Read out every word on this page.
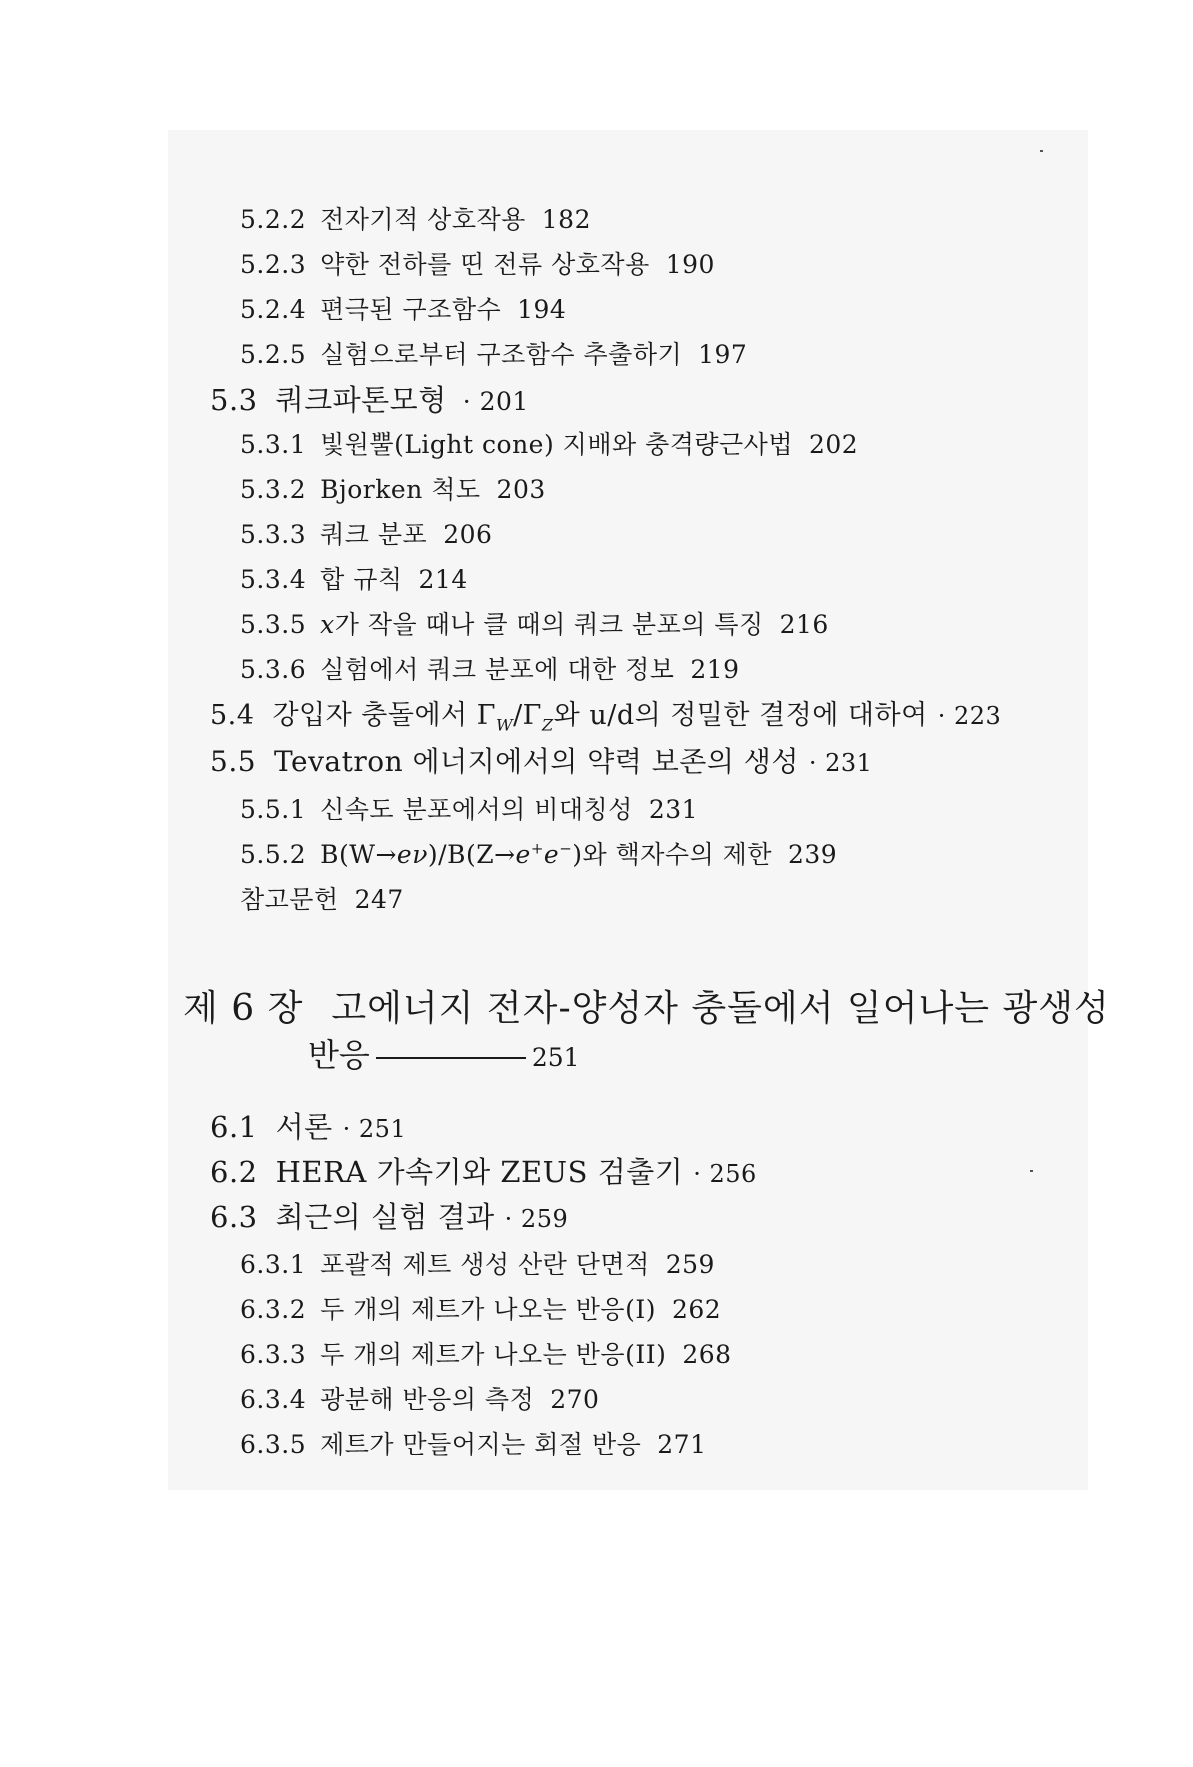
5.2.2 전자기적 상호작용 182
5.2.3 약한 전하를 띤 전류 상호작용 190
5.2.4 편극된 구조함수 194
5.2.5 실험으로부터 구조함수 추출하기 197
5.3 쿼크파톤모형 · 201
5.3.1 빛원뿔(Light cone) 지배와 충격량근사법 202
5.3.2 Bjorken 척도 203
5.3.3 쿼크 분포 206
5.3.4 합 규칙 214
5.3.5 x가 작을 때나 클 때의 쿼크 분포의 특징 216
5.3.6 실험에서 쿼크 분포에 대한 정보 219
5.4 강입자 충돌에서 $\Gamma_W/\Gamma_Z$와 u/d의 정밀한 결정에 대하여 · 223
5.5 Tevatron 에너지에서의 약력 보존의 생성 · 231
5.5.1 신속도 분포에서의 비대칭성 231
5.5.2 B(W→eν)/B(Z→e+e−)와 핵자수의 제한 239
참고문헌 247
제 6 장 고에너지 전자-양성자 충돌에서 일어나는 광생성
반응	251
6.1 서론 · 251
6.2 HERA 가속기와 ZEUS 검출기 · 256
6.3 최근의 실험 결과 · 259
6.3.1 포괄적 제트 생성 산란 단면적 259
6.3.2 두 개의 제트가 나오는 반응(I) 262
6.3.3 두 개의 제트가 나오는 반응(II) 268
6.3.4 광분해 반응의 측정 270
6.3.5 제트가 만들어지는 회절 반응 271
